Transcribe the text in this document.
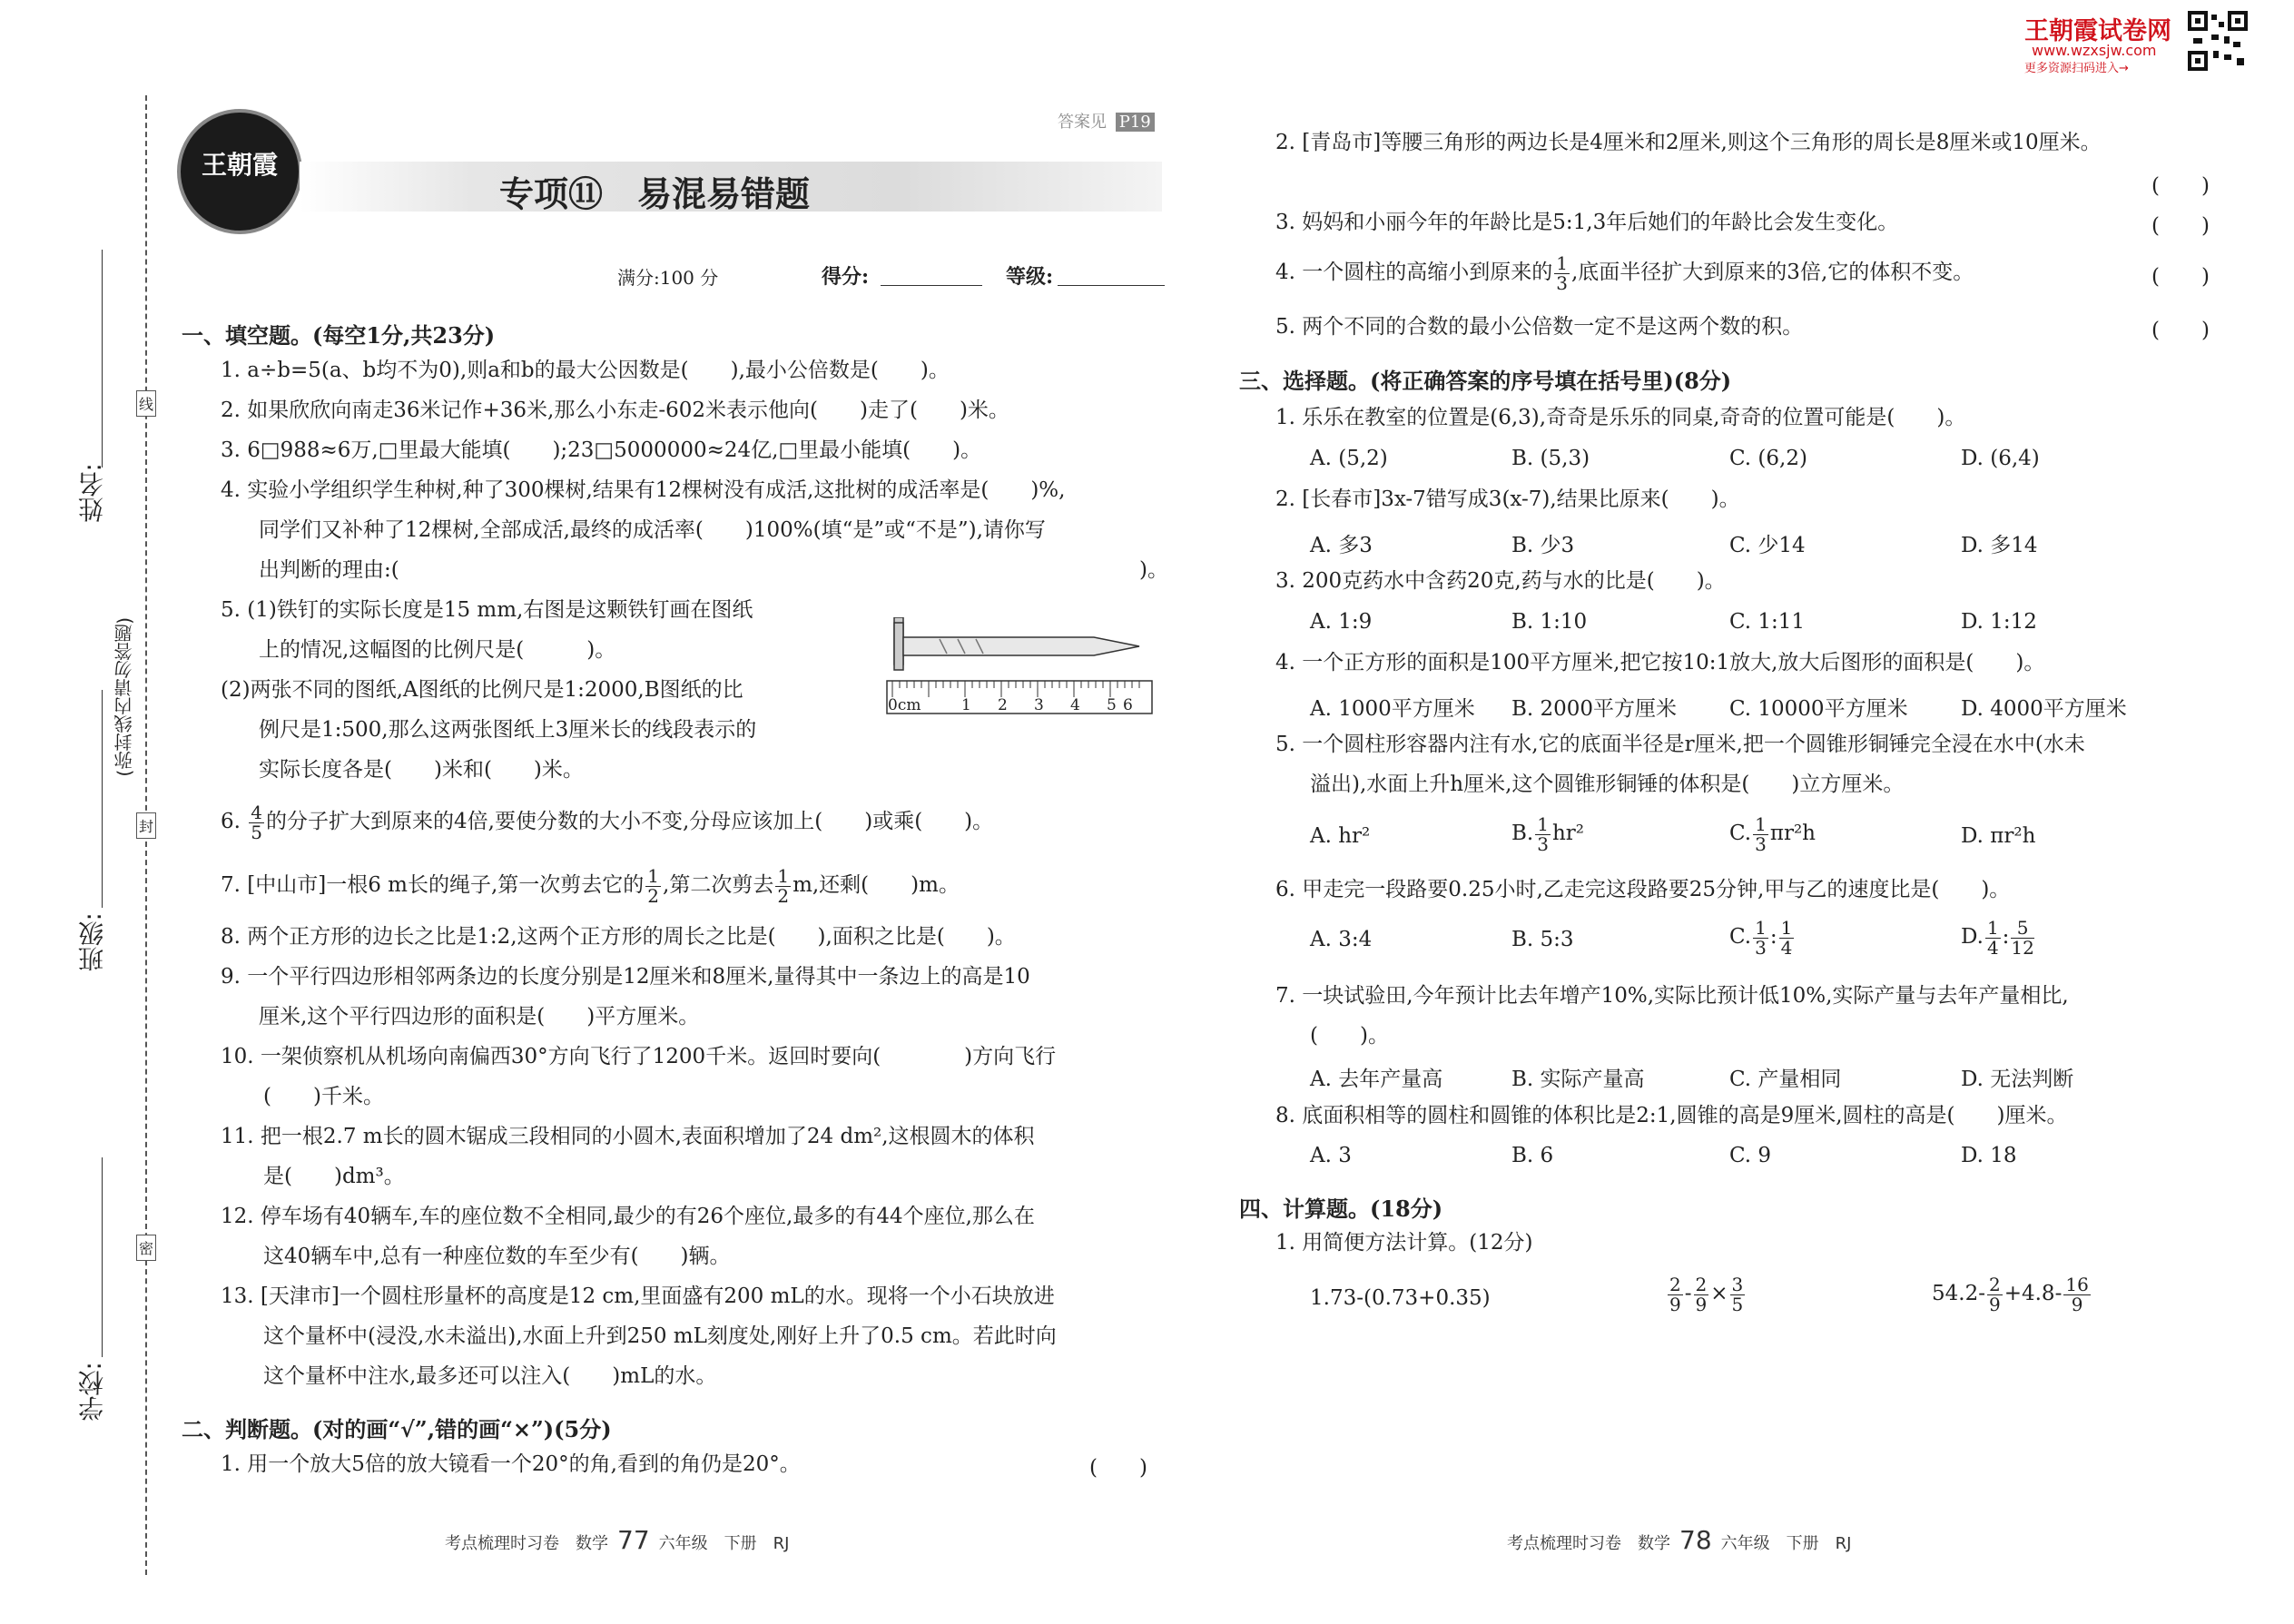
王朝霞试卷网
www.wzxsjw.com
更多资源扫码进入→
姓名:
班级:
学校:
(弥封线内请勿答题)
线
封
密
王朝霞
专项⑪　易混易错题
答案见 P19
满分:100 分	得分:	等级:
一、填空题。(每空1分,共23分)
1. a÷b=5(a、b均不为0),则a和b的最大公因数是(　　),最小公倍数是(　　)。
2. 如果欣欣向南走36米记作+36米,那么小东走-602米表示他向(　　)走了(　　)米。
3. 6□988≈6万,□里最大能填(　　);23□5000000≈24亿,□里最小能填(　　)。
4. 实验小学组织学生种树,种了300棵树,结果有12棵树没有成活,这批树的成活率是(　　)%,
同学们又补种了12棵树,全部成活,最终的成活率(　　)100%(填“是”或“不是”),请你写
出判断的理由:(	)。
5. (1)铁钉的实际长度是15 mm,右图是这颗铁钉画在图纸
上的情况,这幅图的比例尺是(　　　)。
(2)两张不同的图纸,A图纸的比例尺是1:2000,B图纸的比
例尺是1:500,那么这两张图纸上3厘米长的线段表示的
实际长度各是(　　)米和(　　)米。
0cm	1 2 3 4 5 6
6. $\frac{4}{5}$ 的分子扩大到原来的4倍,要使分数的大小不变,分母应该加上(　　)或乘(　　)。
7. [中山市]一根6 m长的绳子,第一次剪去它的 $\frac{1}{2}$ ,第二次剪去 $\frac{1}{2} m$,还剩(　　)m。
8. 两个正方形的边长之比是1:2,这两个正方形的周长之比是(　　),面积之比是(　　)。
9. 一个平行四边形相邻两条边的长度分别是12厘米和8厘米,量得其中一条边上的高是10
厘米,这个平行四边形的面积是(　　)平方厘米。
10. 一架侦察机从机场向南偏西30°方向飞行了1200千米。返回时要向(　　　　)方向飞行
(　　)千米。
11. 把一根2.7 m长的圆木锯成三段相同的小圆木,表面积增加了24 dm²,这根圆木的体积
是(　　)dm³。
12. 停车场有40辆车,车的座位数不全相同,最少的有26个座位,最多的有44个座位,那么在
这40辆车中,总有一种座位数的车至少有(　　)辆。
13. [天津市]一个圆柱形量杯的高度是12 cm,里面盛有200 mL的水。现将一个小石块放进
这个量杯中(浸没,水未溢出),水面上升到250 mL刻度处,刚好上升了0.5 cm。若此时向
这个量杯中注水,最多还可以注入(　　)mL的水。
二、判断题。(对的画“√”,错的画“×”)(5分)
1. 用一个放大5倍的放大镜看一个20°的角,看到的角仍是20°。	(　　)
考点梳理时习卷　数学 77 六年级　下册　RJ
2. [青岛市]等腰三角形的两边长是4厘米和2厘米,则这个三角形的周长是8厘米或10厘米。
(　　)
3. 妈妈和小丽今年的年龄比是5:1,3年后她们的年龄比会发生变化。	(　　)
4. 一个圆柱的高缩小到原来的 $\frac{1}{3}$ ,底面半径扩大到原来的3倍,它的体积不变。	(　　)
5. 两个不同的合数的最小公倍数一定不是这两个数的积。	(　　)
三、选择题。(将正确答案的序号填在括号里)(8分)
1. 乐乐在教室的位置是(6,3),奇奇是乐乐的同桌,奇奇的位置可能是(　　)。
A. (5,2)	B. (5,3)	C. (6,2)	D. (6,4)
2. [长春市]3x-7错写成3(x-7),结果比原来(　　)。
A. 多3	B. 少3	C. 少14	D. 多14
3. 200克药水中含药20克,药与水的比是(　　)。
A. 1:9	B. 1:10	C. 1:11	D. 1:12
4. 一个正方形的面积是100平方厘米,把它按10:1放大,放大后图形的面积是(　　)。
A. 1000平方厘米 B. 2000平方厘米	C. 10000平方厘米	D. 4000平方厘米
5. 一个圆柱形容器内注有水,它的底面半径是r厘米,把一个圆锥形铜锤完全浸在水中(水未
溢出),水面上升h厘米,这个圆锥形铜锤的体积是(　　)立方厘米。
A. hr²	B. $\frac{1}{3} hr^2$	C. $\frac{1}{3} \pi r^2h$	D. πr²h
6. 甲走完一段路要0.25小时,乙走完这段路要25分钟,甲与乙的速度比是(　　)。
A. 3:4	B. 5:3	C. $\frac{1}{3}$ : $\frac{1}{4}$	D. $\frac{1}{4}$ : $\frac{5}{12}$
7. 一块试验田,今年预计比去年增产10%,实际比预计低10%,实际产量与去年产量相比,
(　　)。
A. 去年产量高	B. 实际产量高	C. 产量相同	D. 无法判断
8. 底面积相等的圆柱和圆锥的体积比是2:1,圆锥的高是9厘米,圆柱的高是(　　)厘米。
A. 3	B. 6	C. 9	D. 18
四、计算题。(18分)
1. 用简便方法计算。(12分)
1.73-(0.73+0.35)	$\frac{2}{9} - \frac{2}{9} \times \frac{3}{5}$	$54.2- \frac{2}{9} +4.8- \frac{16}{9}$
考点梳理时习卷　数学 78 六年级　下册　RJ
